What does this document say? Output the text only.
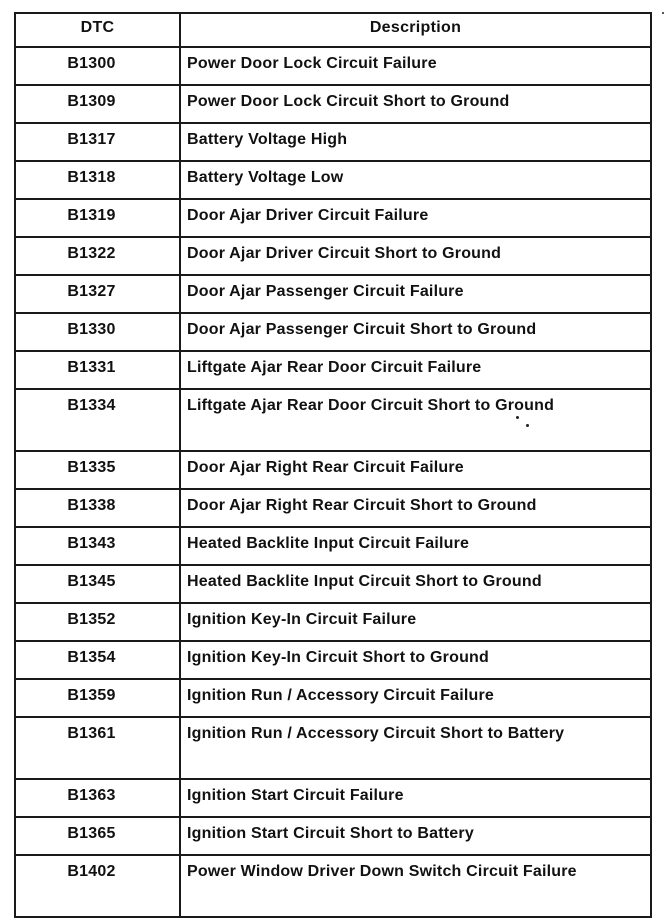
DTC	Description
B1300	Power Door Lock Circuit Failure
B1309	Power Door Lock Circuit Short to Ground
B1317	Battery Voltage High
B1318	Battery Voltage Low
B1319	Door Ajar Driver Circuit Failure
B1322	Door Ajar Driver Circuit Short to Ground
B1327	Door Ajar Passenger Circuit Failure
B1330	Door Ajar Passenger Circuit Short to Ground
B1331	Liftgate Ajar Rear Door Circuit Failure
B1334	Liftgate Ajar Rear Door Circuit Short to Ground
B1335	Door Ajar Right Rear Circuit Failure
B1338	Door Ajar Right Rear Circuit Short to Ground
B1343	Heated Backlite Input Circuit Failure
B1345	Heated Backlite Input Circuit Short to Ground
B1352	Ignition Key-In Circuit Failure
B1354	Ignition Key-In Circuit Short to Ground
B1359	Ignition Run / Accessory Circuit Failure
B1361	Ignition Run / Accessory Circuit Short to Battery
B1363	Ignition Start Circuit Failure
B1365	Ignition Start Circuit Short to Battery
B1402	Power Window Driver Down Switch Circuit Failure
